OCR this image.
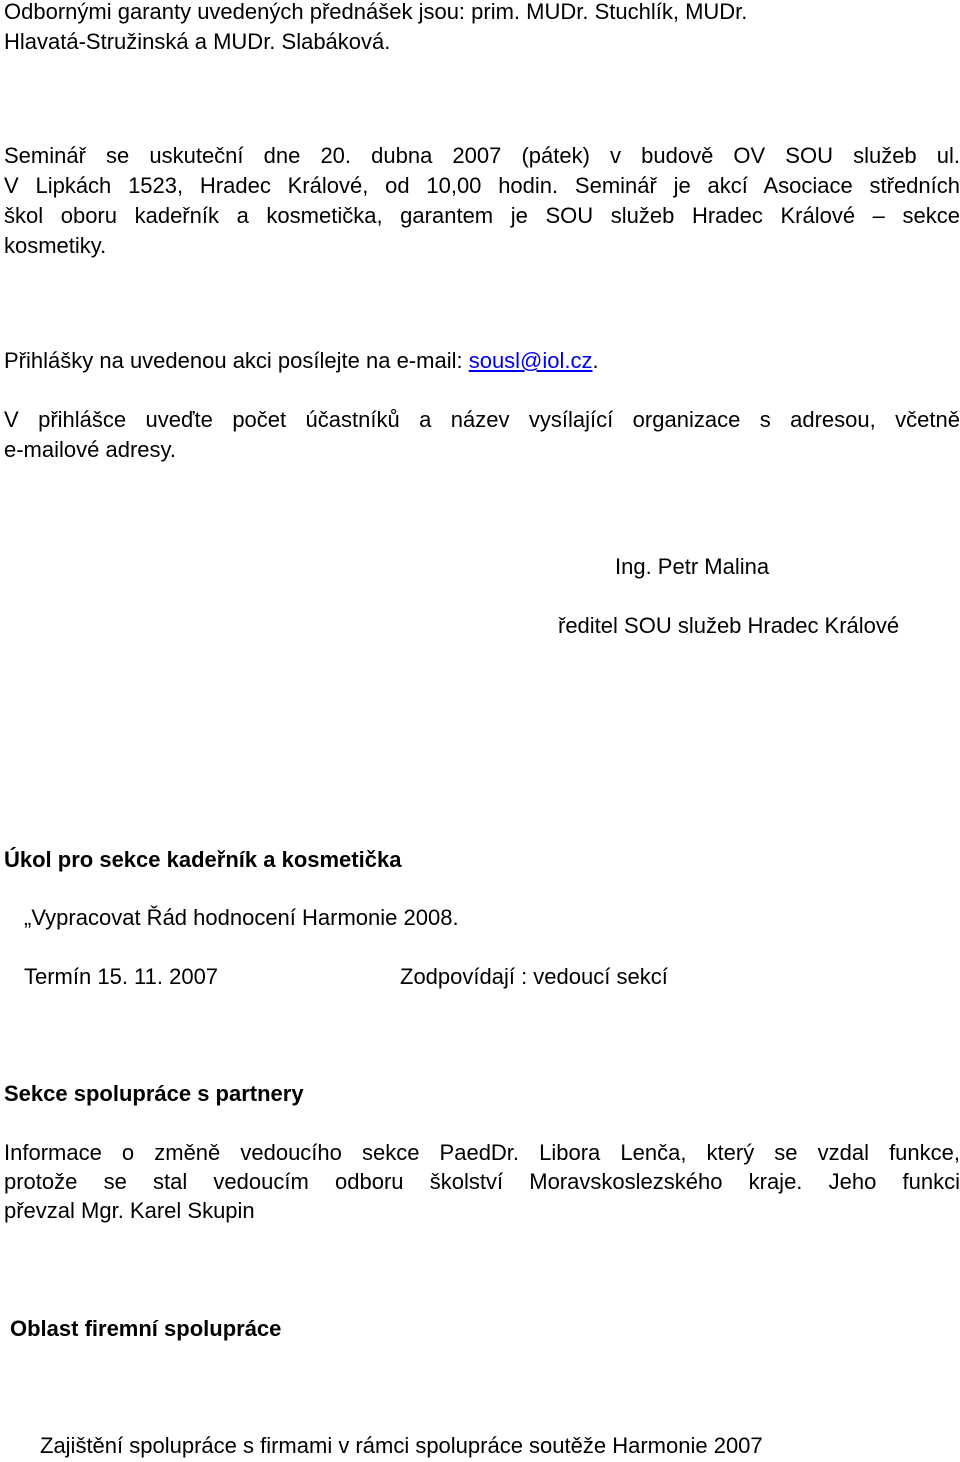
Odbornými garanty uvedených přednášek jsou: prim. MUDr. Stuchlík, MUDr.
Hlavatá-Stružinská a MUDr. Slabáková.
Seminář se uskuteční dne 20. dubna 2007 (pátek) v budově OV SOU služeb ul.
V Lipkách 1523, Hradec Králové, od 10,00 hodin. Seminář je akcí Asociace středních
škol oboru kadeřník a kosmetička, garantem je SOU služeb Hradec Králové – sekce
kosmetiky.
Přihlášky na uvedenou akci posílejte na e-mail: sousl@iol.cz.
V přihlášce uveďte počet účastníků a název vysílající organizace s adresou, včetně
e-mailové adresy.
Ing. Petr Malina
ředitel SOU služeb Hradec Králové
Úkol pro sekce kadeřník a kosmetička
„Vypracovat Řád hodnocení Harmonie 2008.
Termín 15. 11. 2007	Zodpovídají : vedoucí sekcí
Sekce spolupráce s partnery
Informace o změně vedoucího sekce PaedDr. Libora Lenča, který se vzdal funkce,
protože se stal vedoucím odboru školství Moravskoslezského kraje. Jeho funkci
převzal Mgr. Karel Skupin
Oblast firemní spolupráce
Zajištění spolupráce s firmami v rámci spolupráce soutěže Harmonie 2007
